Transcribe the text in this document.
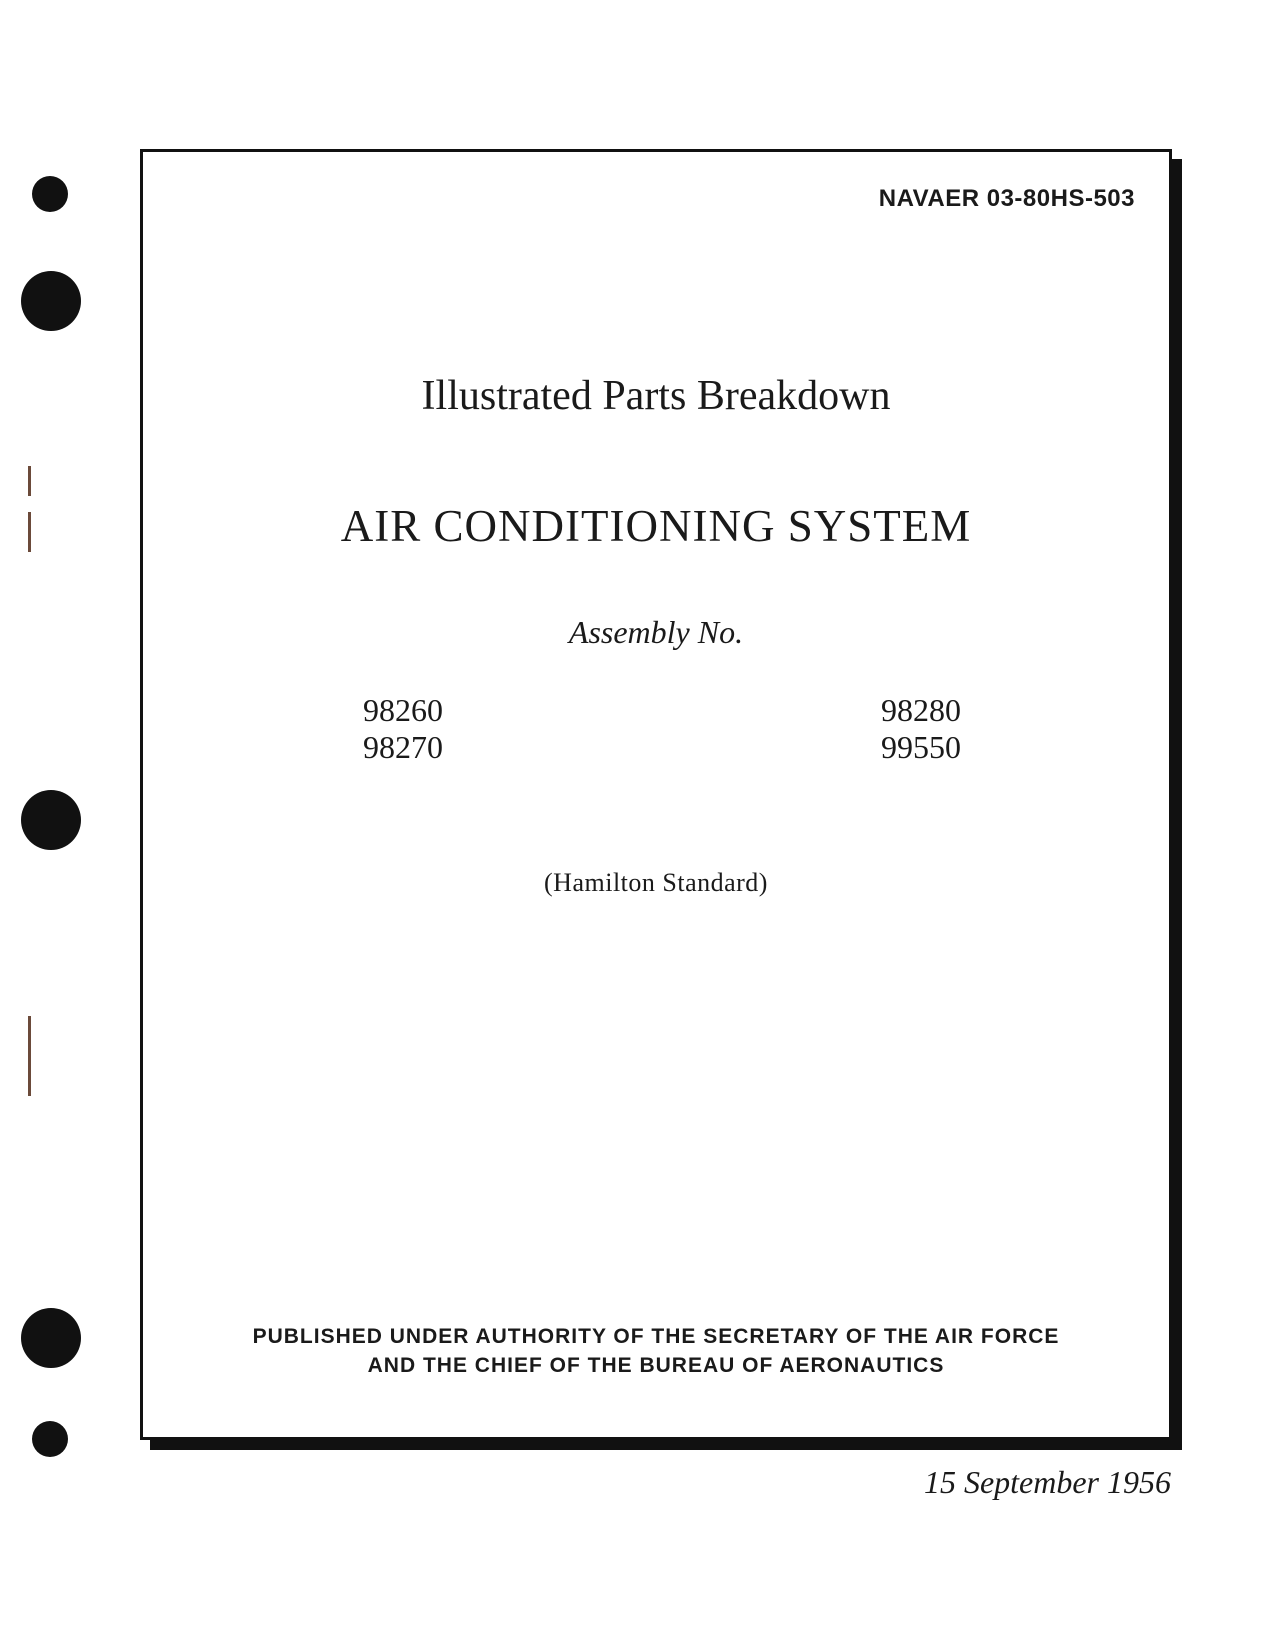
NAVAER 03-80HS-503
Illustrated Parts Breakdown
AIR CONDITIONING SYSTEM
Assembly No.
98260
98270
98280
99550
(Hamilton Standard)
PUBLISHED UNDER AUTHORITY OF THE SECRETARY OF THE AIR FORCE
AND THE CHIEF OF THE BUREAU OF AERONAUTICS
15 September 1956
